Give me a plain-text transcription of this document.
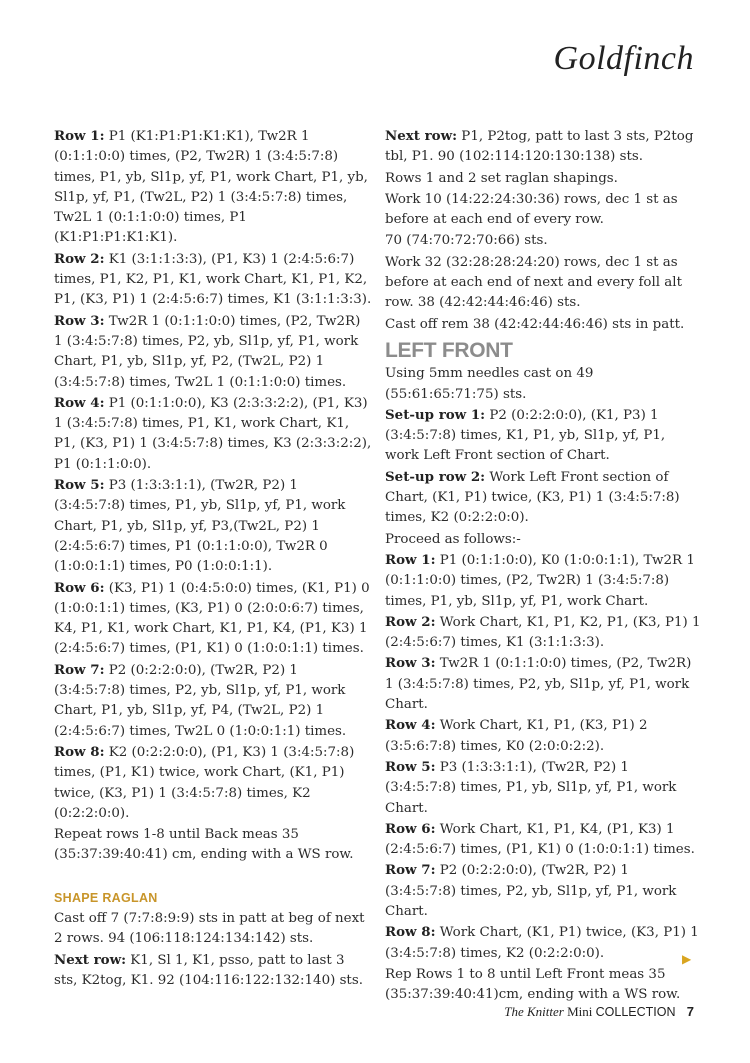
Goldfinch

Row 1: P1 (K1:P1:P1:K1:K1), Tw2R 1 (0:1:1:0:0) times, (P2, Tw2R) 1 (3:4:5:7:8) times, P1, yb, Sl1p, yf, P1, work Chart, P1, yb, Sl1p, yf, P1, (Tw2L, P2) 1 (3:4:5:7:8) times, Tw2L 1 (0:1:1:0:0) times, P1 (K1:P1:P1:K1:K1).

Row 2: K1 (3:1:1:3:3), (P1, K3) 1 (2:4:5:6:7) times, P1, K2, P1, K1, work Chart, K1, P1, K2, P1, (K3, P1) 1 (2:4:5:6:7) times, K1 (3:1:1:3:3).

Row 3: Tw2R 1 (0:1:1:0:0) times, (P2, Tw2R) 1 (3:4:5:7:8) times, P2, yb, Sl1p, yf, P1, work Chart, P1, yb, Sl1p, yf, P2, (Tw2L, P2) 1 (3:4:5:7:8) times, Tw2L 1 (0:1:1:0:0) times.

Row 4: P1 (0:1:1:0:0), K3 (2:3:3:2:2), (P1, K3) 1 (3:4:5:7:8) times, P1, K1, work Chart, K1, P1, (K3, P1) 1 (3:4:5:7:8) times, K3 (2:3:3:2:2), P1 (0:1:1:0:0).

Row 5: P3 (1:3:3:1:1), (Tw2R, P2) 1 (3:4:5:7:8) times, P1, yb, Sl1p, yf, P1, work Chart, P1, yb, Sl1p, yf, P3,(Tw2L, P2) 1 (2:4:5:6:7) times, P1 (0:1:1:0:0), Tw2R 0 (1:0:0:1:1) times, P0 (1:0:0:1:1).

Row 6: (K3, P1) 1 (0:4:5:0:0) times, (K1, P1) 0 (1:0:0:1:1) times, (K3, P1) 0 (2:0:0:6:7) times, K4, P1, K1, work Chart, K1, P1, K4, (P1, K3) 1 (2:4:5:6:7) times, (P1, K1) 0 (1:0:0:1:1) times.

Row 7: P2 (0:2:2:0:0), (Tw2R, P2) 1 (3:4:5:7:8) times, P2, yb, Sl1p, yf, P1, work Chart, P1, yb, Sl1p, yf, P4, (Tw2L, P2) 1 (2:4:5:6:7) times, Tw2L 0 (1:0:0:1:1) times.

Row 8: K2 (0:2:2:0:0), (P1, K3) 1 (3:4:5:7:8) times, (P1, K1) twice, work Chart, (K1, P1) twice, (K3, P1) 1 (3:4:5:7:8) times, K2 (0:2:2:0:0).

Repeat rows 1-8 until Back meas 35 (35:37:39:40:41) cm, ending with a WS row.

SHAPE RAGLAN

Cast off 7 (7:7:8:9:9) sts in patt at beg of next 2 rows. 94 (106:118:124:134:142) sts.

Next row: K1, Sl 1, K1, psso, patt to last 3 sts, K2tog, K1. 92 (104:116:122:132:140) sts.

Next row: P1, P2tog, patt to last 3 sts, P2tog tbl, P1. 90 (102:114:120:130:138) sts.

Rows 1 and 2 set raglan shapings.

Work 10 (14:22:24:30:36) rows, dec 1 st as before at each end of every row.

70 (74:70:72:70:66) sts.

Work 32 (32:28:28:24:20) rows, dec 1 st as before at each end of next and every foll alt row. 38 (42:42:44:46:46) sts.

Cast off rem 38 (42:42:44:46:46) sts in patt.

LEFT FRONT

Using 5mm needles cast on 49 (55:61:65:71:75) sts.

Set-up row 1: P2 (0:2:2:0:0), (K1, P3) 1 (3:4:5:7:8) times, K1, P1, yb, Sl1p, yf, P1, work Left Front section of Chart.

Set-up row 2: Work Left Front section of Chart, (K1, P1) twice, (K3, P1) 1 (3:4:5:7:8) times, K2 (0:2:2:0:0).

Proceed as follows:-

Row 1: P1 (0:1:1:0:0), K0 (1:0:0:1:1), Tw2R 1 (0:1:1:0:0) times, (P2, Tw2R) 1 (3:4:5:7:8) times, P1, yb, Sl1p, yf, P1, work Chart.

Row 2: Work Chart, K1, P1, K2, P1, (K3, P1) 1 (2:4:5:6:7) times, K1 (3:1:1:3:3).

Row 3: Tw2R 1 (0:1:1:0:0) times, (P2, Tw2R) 1 (3:4:5:7:8) times, P2, yb, Sl1p, yf, P1, work Chart.

Row 4: Work Chart, K1, P1, (K3, P1) 2 (3:5:6:7:8) times, K0 (2:0:0:2:2).

Row 5: P3 (1:3:3:1:1), (Tw2R, P2) 1 (3:4:5:7:8) times, P1, yb, Sl1p, yf, P1, work Chart.

Row 6: Work Chart, K1, P1, K4, (P1, K3) 1 (2:4:5:6:7) times, (P1, K1) 0 (1:0:0:1:1) times.

Row 7: P2 (0:2:2:0:0), (Tw2R, P2) 1 (3:4:5:7:8) times, P2, yb, Sl1p, yf, P1, work Chart.

Row 8: Work Chart, (K1, P1) twice, (K3, P1) 1 (3:4:5:7:8) times, K2 (0:2:2:0:0).

Rep Rows 1 to 8 until Left Front meas 35 (35:37:39:40:41)cm, ending with a WS row.

▶
The Knitter Mini COLLECTION 7
